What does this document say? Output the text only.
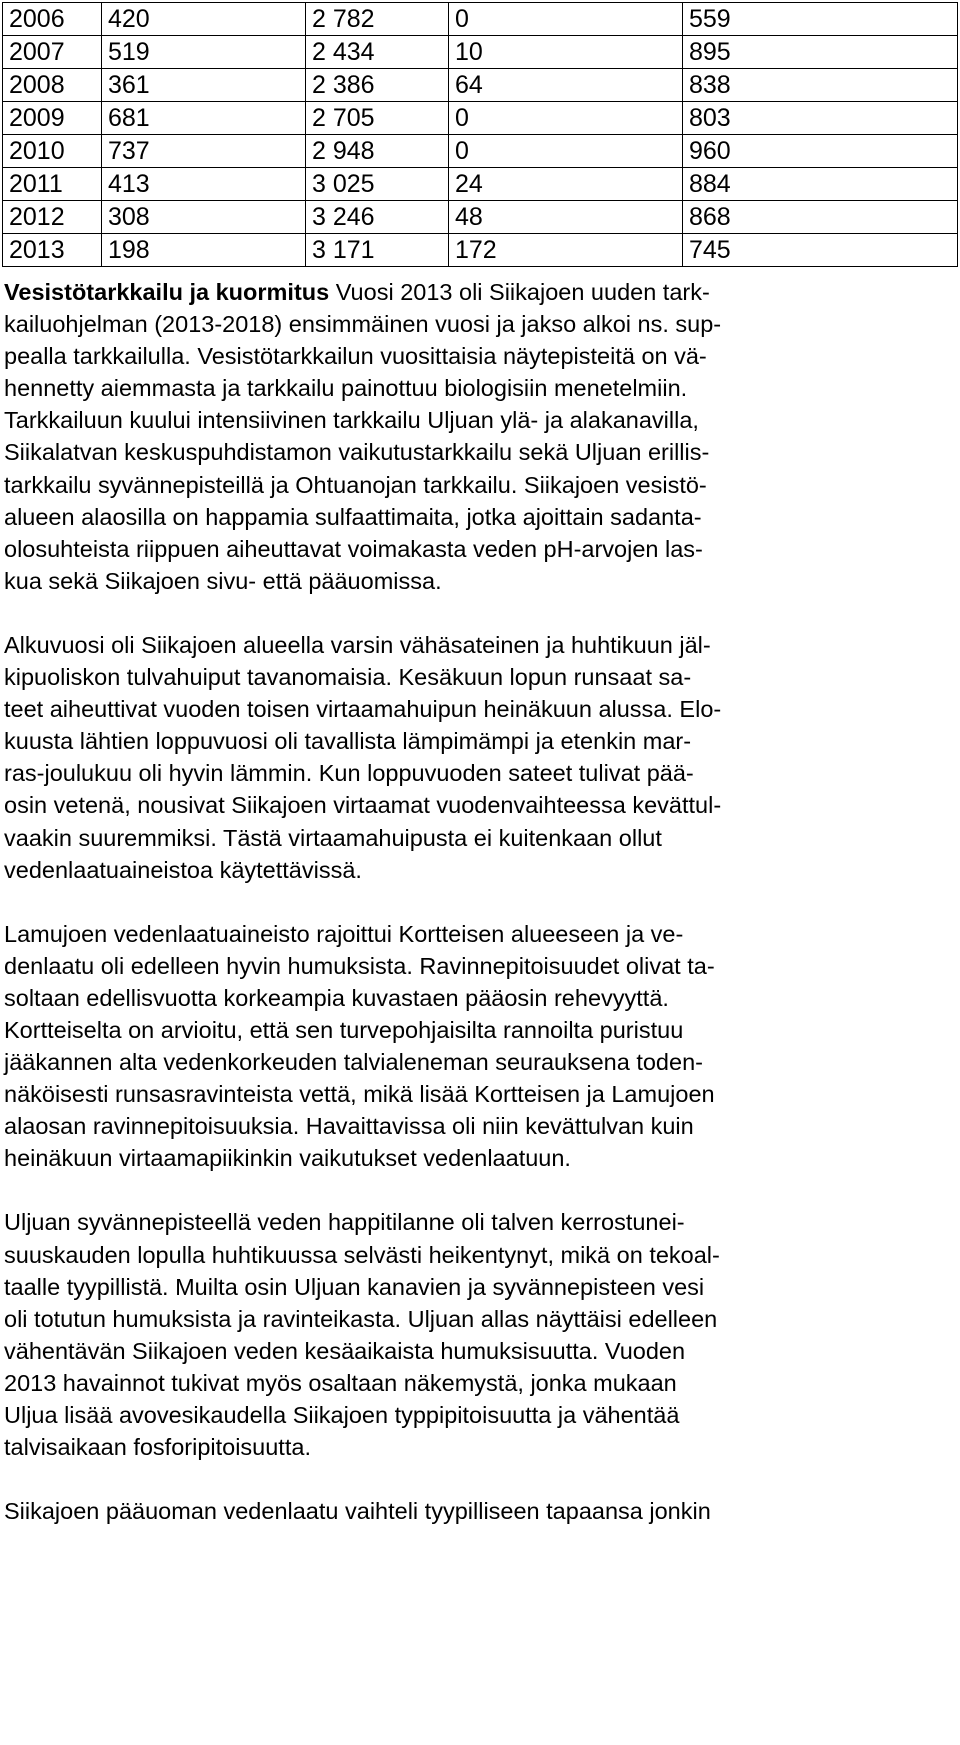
2006	420	2 782	0	559
2007	519	2 434	10	895
2008	361	2 386	64	838
2009	681	2 705	0	803
2010	737	2 948	0	960
2011	413	3 025	24	884
2012	308	3 246	48	868
2013	198	3 171	172	745

Vesistötarkkailu ja kuormitus Vuosi 2013 oli Siikajoen uuden tark-
kailuohjelman (2013-2018) ensimmäinen vuosi ja jakso alkoi ns. sup-
pealla tarkkailulla. Vesistötarkkailun vuosittaisia näytepisteitä on vä-
hennetty aiemmasta ja tarkkailu painottuu biologisiin menetelmiin.
Tarkkailuun kuului intensiivinen tarkkailu Uljuan ylä- ja alakanavilla,
Siikalatvan keskuspuhdistamon vaikutustarkkailu sekä Uljuan erillis-
tarkkailu syvännepisteillä ja Ohtuanojan tarkkailu. Siikajoen vesistö-
alueen alaosilla on happamia sulfaattimaita, jotka ajoittain sadanta-
olosuhteista riippuen aiheuttavat voimakasta veden pH-arvojen las-
kua sekä Siikajoen sivu- että pääuomissa.

Alkuvuosi oli Siikajoen alueella varsin vähäsateinen ja huhtikuun jäl-
kipuoliskon tulvahuiput tavanomaisia. Kesäkuun lopun runsaat sa-
teet aiheuttivat vuoden toisen virtaamahuipun heinäkuun alussa. Elo-
kuusta lähtien loppuvuosi oli tavallista lämpimämpi ja etenkin mar-
ras-joulukuu oli hyvin lämmin. Kun loppuvuoden sateet tulivat pää-
osin vetenä, nousivat Siikajoen virtaamat vuodenvaihteessa kevättul-
vaakin suuremmiksi. Tästä virtaamahuipusta ei kuitenkaan ollut
vedenlaatuaineistoa käytettävissä.

Lamujoen vedenlaatuaineisto rajoittui Kortteisen alueeseen ja ve-
denlaatu oli edelleen hyvin humuksista. Ravinnepitoisuudet olivat ta-
soltaan edellisvuotta korkeampia kuvastaen pääosin rehevyyttä.
Kortteiselta on arvioitu, että sen turvepohjaisilta rannoilta puristuu
jääkannen alta vedenkorkeuden talvialeneman seurauksena toden-
näköisesti runsasravinteista vettä, mikä lisää Kortteisen ja Lamujoen
alaosan ravinnepitoisuuksia. Havaittavissa oli niin kevättulvan kuin
heinäkuun virtaamapiikinkin vaikutukset vedenlaatuun.

Uljuan syvännepisteellä veden happitilanne oli talven kerrostunei-
suuskauden lopulla huhtikuussa selvästi heikentynyt, mikä on tekoal-
taalle tyypillistä. Muilta osin Uljuan kanavien ja syvännepisteen vesi
oli totutun humuksista ja ravinteikasta. Uljuan allas näyttäisi edelleen
vähentävän Siikajoen veden kesäaikaista humuksisuutta. Vuoden
2013 havainnot tukivat myös osaltaan näkemystä, jonka mukaan
Uljua lisää avovesikaudella Siikajoen typpipitoisuutta ja vähentää
talvisaikaan fosforipitoisuutta.

Siikajoen pääuoman vedenlaatu vaihteli tyypilliseen tapaansa jonkin
